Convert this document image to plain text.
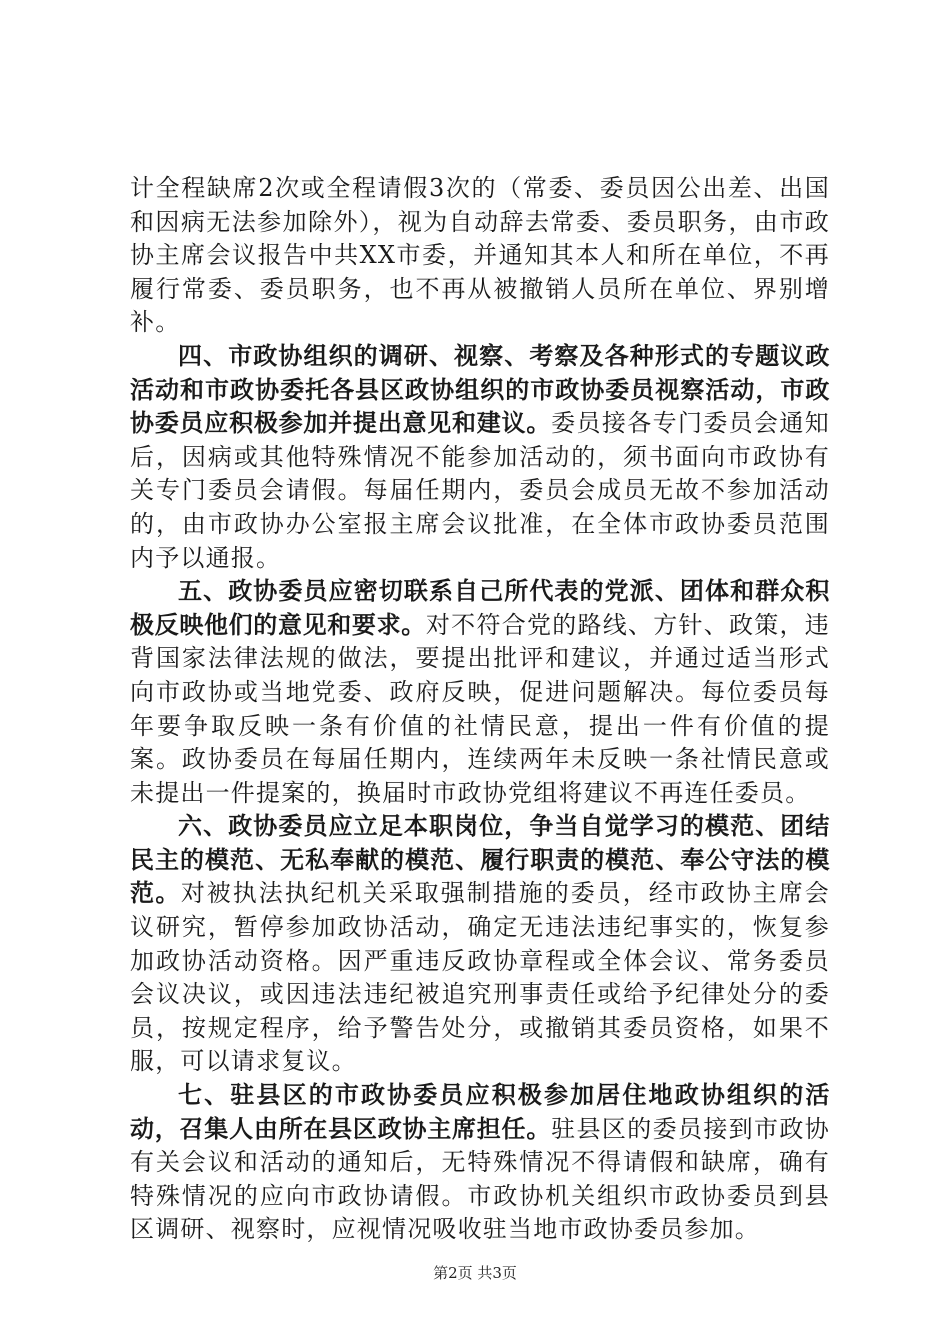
计全程缺席2次或全程请假3次的（常委、委员因公出差、出国和因病无法参加除外），视为自动辞去常委、委员职务，由市政协主席会议报告中共XX市委，并通知其本人和所在单位，不再履行常委、委员职务，也不再从被撤销人员所在单位、界别增补。

四、市政协组织的调研、视察、考察及各种形式的专题议政活动和市政协委托各县区政协组织的市政协委员视察活动，市政协委员应积极参加并提出意见和建议。委员接各专门委员会通知后，因病或其他特殊情况不能参加活动的，须书面向市政协有关专门委员会请假。每届任期内，委员会成员无故不参加活动的，由市政协办公室报主席会议批准，在全体市政协委员范围内予以通报。

五、政协委员应密切联系自己所代表的党派、团体和群众积极反映他们的意见和要求。对不符合党的路线、方针、政策，违背国家法律法规的做法，要提出批评和建议，并通过适当形式向市政协或当地党委、政府反映，促进问题解决。每位委员每年要争取反映一条有价值的社情民意，提出一件有价值的提案。政协委员在每届任期内，连续两年未反映一条社情民意或未提出一件提案的，换届时市政协党组将建议不再连任委员。

六、政协委员应立足本职岗位，争当自觉学习的模范、团结民主的模范、无私奉献的模范、履行职责的模范、奉公守法的模范。对被执法执纪机关采取强制措施的委员，经市政协主席会议研究，暂停参加政协活动，确定无违法违纪事实的，恢复参加政协活动资格。因严重违反政协章程或全体会议、常务委员会议决议，或因违法违纪被追究刑事责任或给予纪律处分的委员，按规定程序，给予警告处分，或撤销其委员资格，如果不服，可以请求复议。

七、驻县区的市政协委员应积极参加居住地政协组织的活动，召集人由所在县区政协主席担任。驻县区的委员接到市政协有关会议和活动的通知后，无特殊情况不得请假和缺席，确有特殊情况的应向市政协请假。市政协机关组织市政协委员到县区调研、视察时，应视情况吸收驻当地市政协委员参加。

第2页 共3页
